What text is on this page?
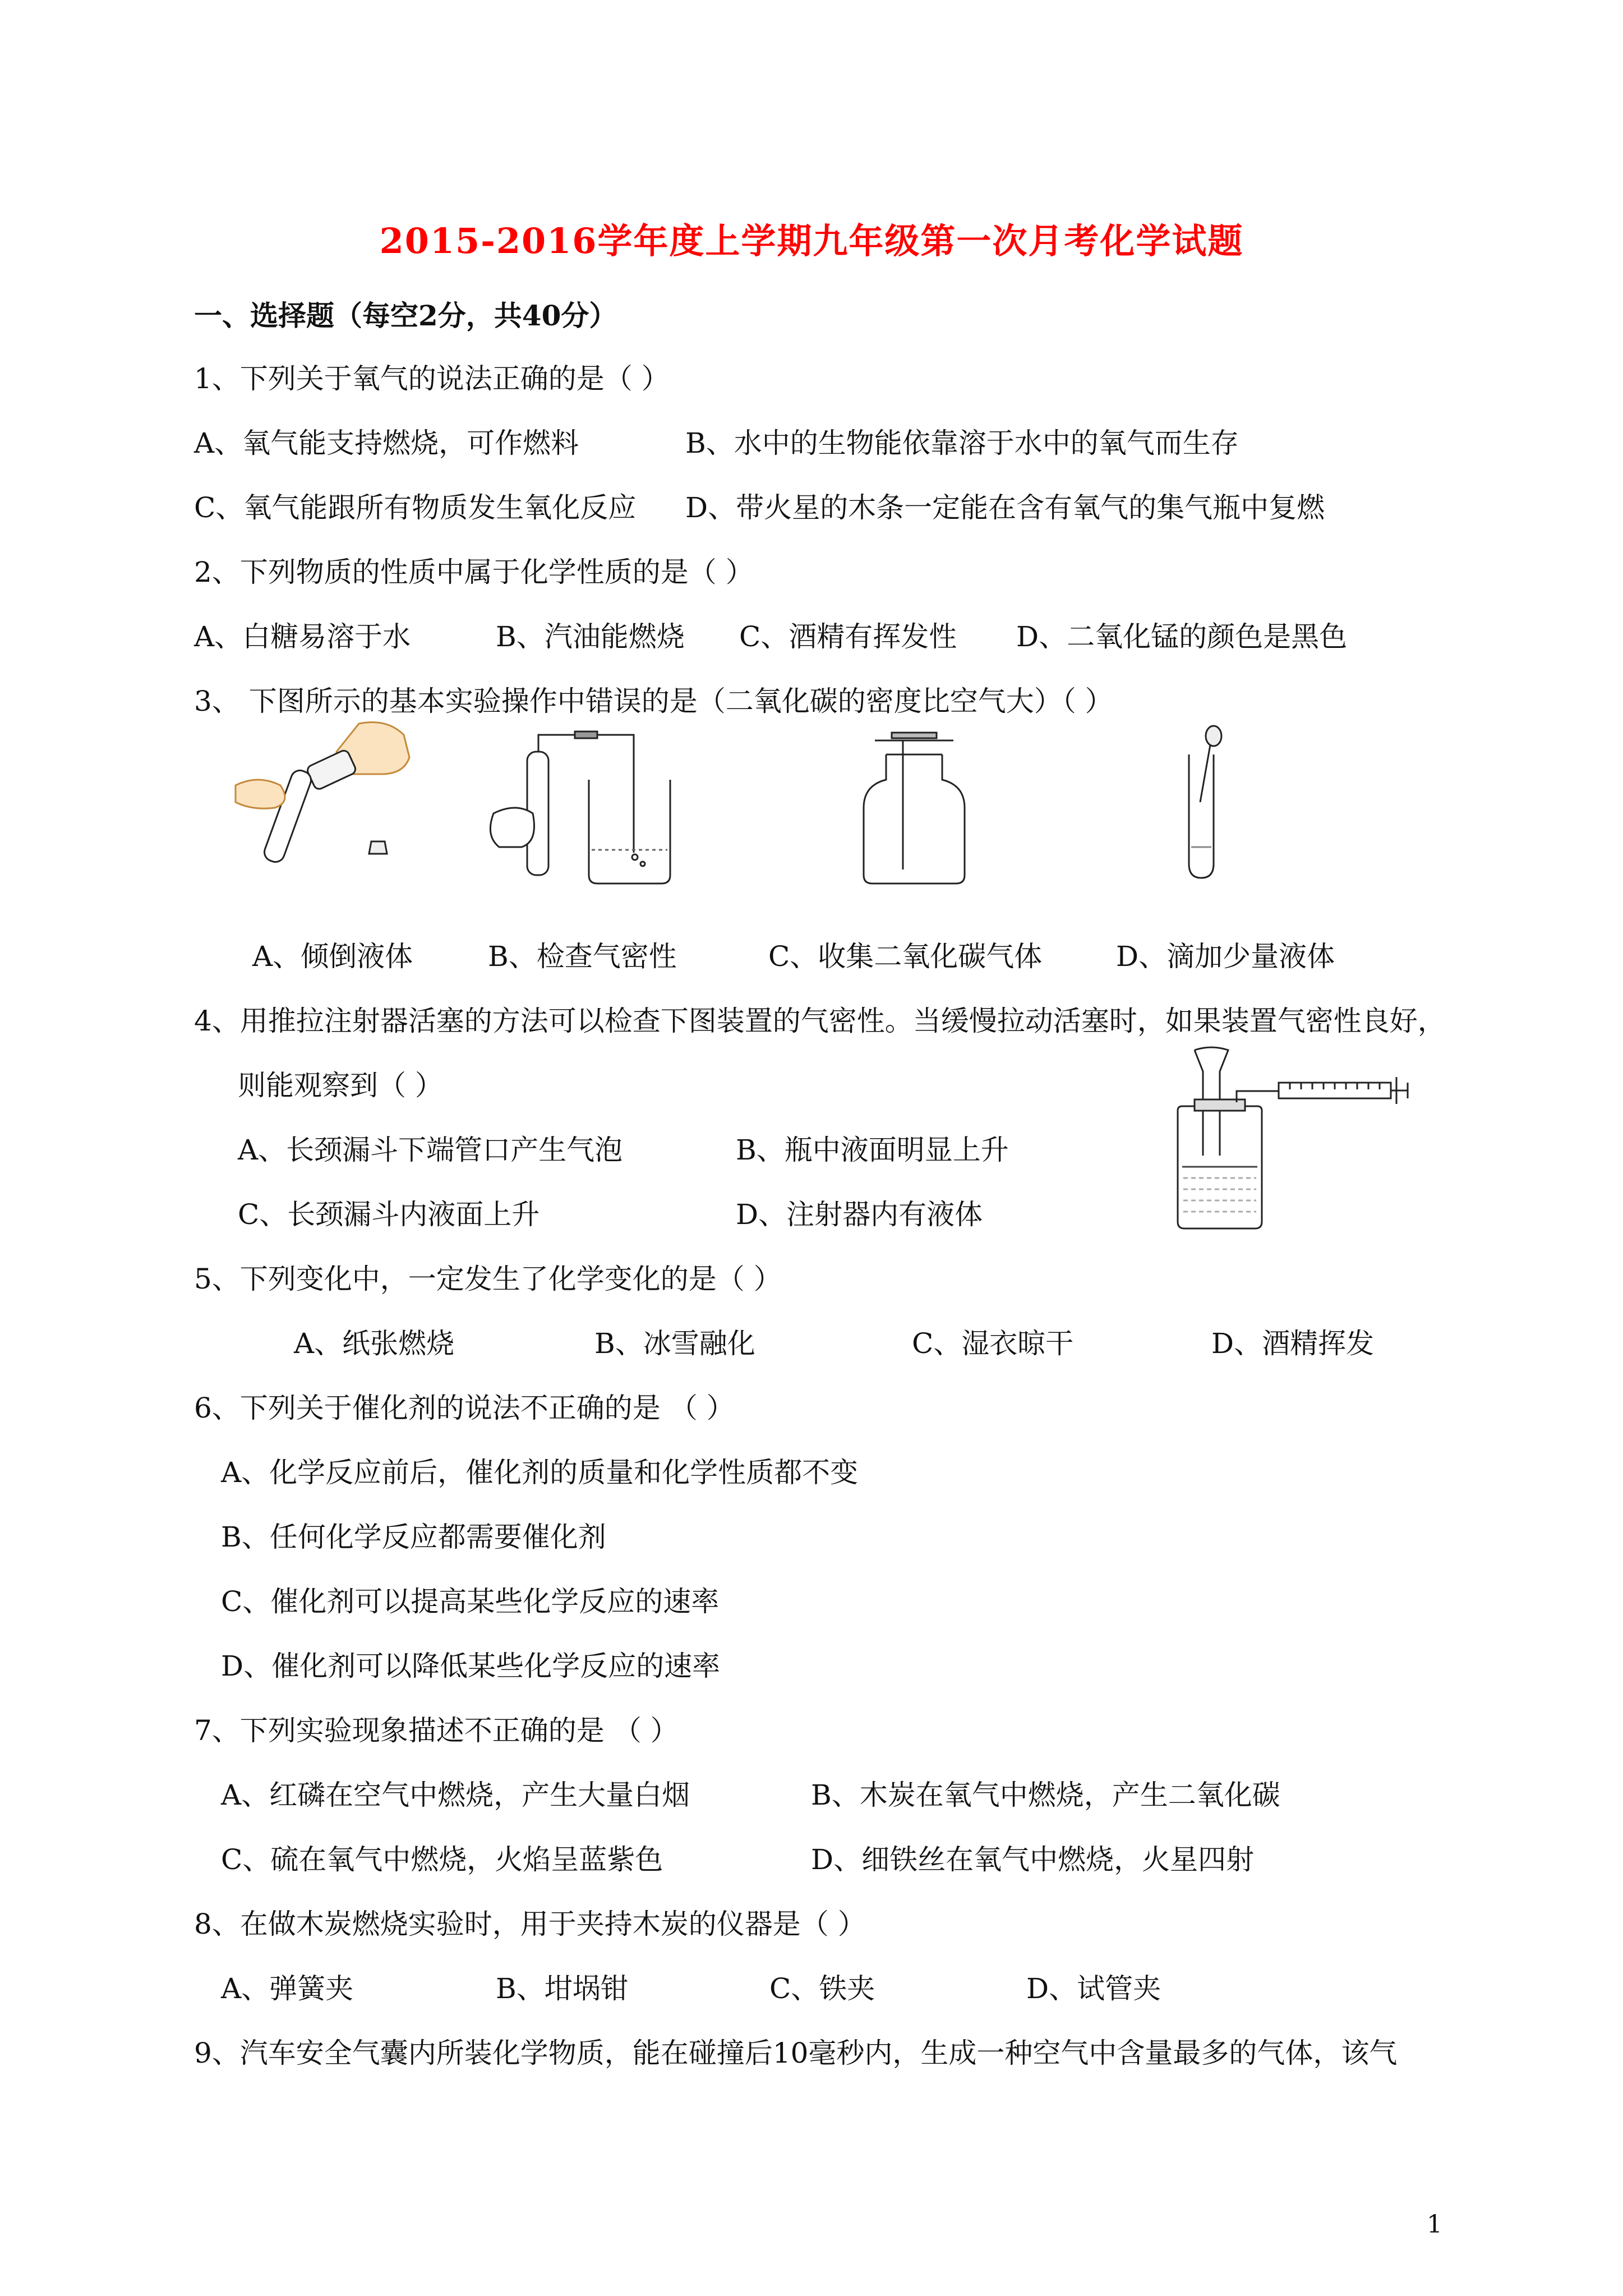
2015-2016学年度上学期九年级第一次月考化学试题
一、选择题（每空2分，共40分）
1、下列关于氧气的说法正确的是（ ）
A、氧气能支持燃烧，可作燃料	B、水中的生物能依靠溶于水中的氧气而生存
C、氧气能跟所有物质发生氧化反应 D、带火星的木条一定能在含有氧气的集气瓶中复燃
2、下列物质的性质中属于化学性质的是（ ）
A、白糖易溶于水	B、汽油能燃烧 C、酒精有挥发性 D、二氧化锰的颜色是黑色
3、 下图所示的基本实验操作中错误的是（二氧化碳的密度比空气大）（ ）
A、倾倒液体	B、检查气密性	C、收集二氧化碳气体	D、滴加少量液体
4、用推拉注射器活塞的方法可以检查下图装置的气密性。当缓慢拉动活塞时，如果装置气密性良好，
则能观察到（ ）
A、长颈漏斗下端管口产生气泡	B、瓶中液面明显上升
C、长颈漏斗内液面上升	D、注射器内有液体
5、下列变化中，一定发生了化学变化的是（ ）
A、纸张燃烧	B、冰雪融化	C、湿衣晾干	D、酒精挥发
6、下列关于催化剂的说法不正确的是 （ ）
A、化学反应前后，催化剂的质量和化学性质都不变
B、任何化学反应都需要催化剂
C、催化剂可以提高某些化学反应的速率
D、催化剂可以降低某些化学反应的速率
7、下列实验现象描述不正确的是 （ ）
A、红磷在空气中燃烧，产生大量白烟	B、木炭在氧气中燃烧，产生二氧化碳
C、硫在氧气中燃烧，火焰呈蓝紫色	D、细铁丝在氧气中燃烧，火星四射
8、在做木炭燃烧实验时，用于夹持木炭的仪器是（ ）
A、弹簧夹	B、坩埚钳	C、铁夹	D、试管夹
9、汽车安全气囊内所装化学物质，能在碰撞后10毫秒内，生成一种空气中含量最多的气体，该气
1
